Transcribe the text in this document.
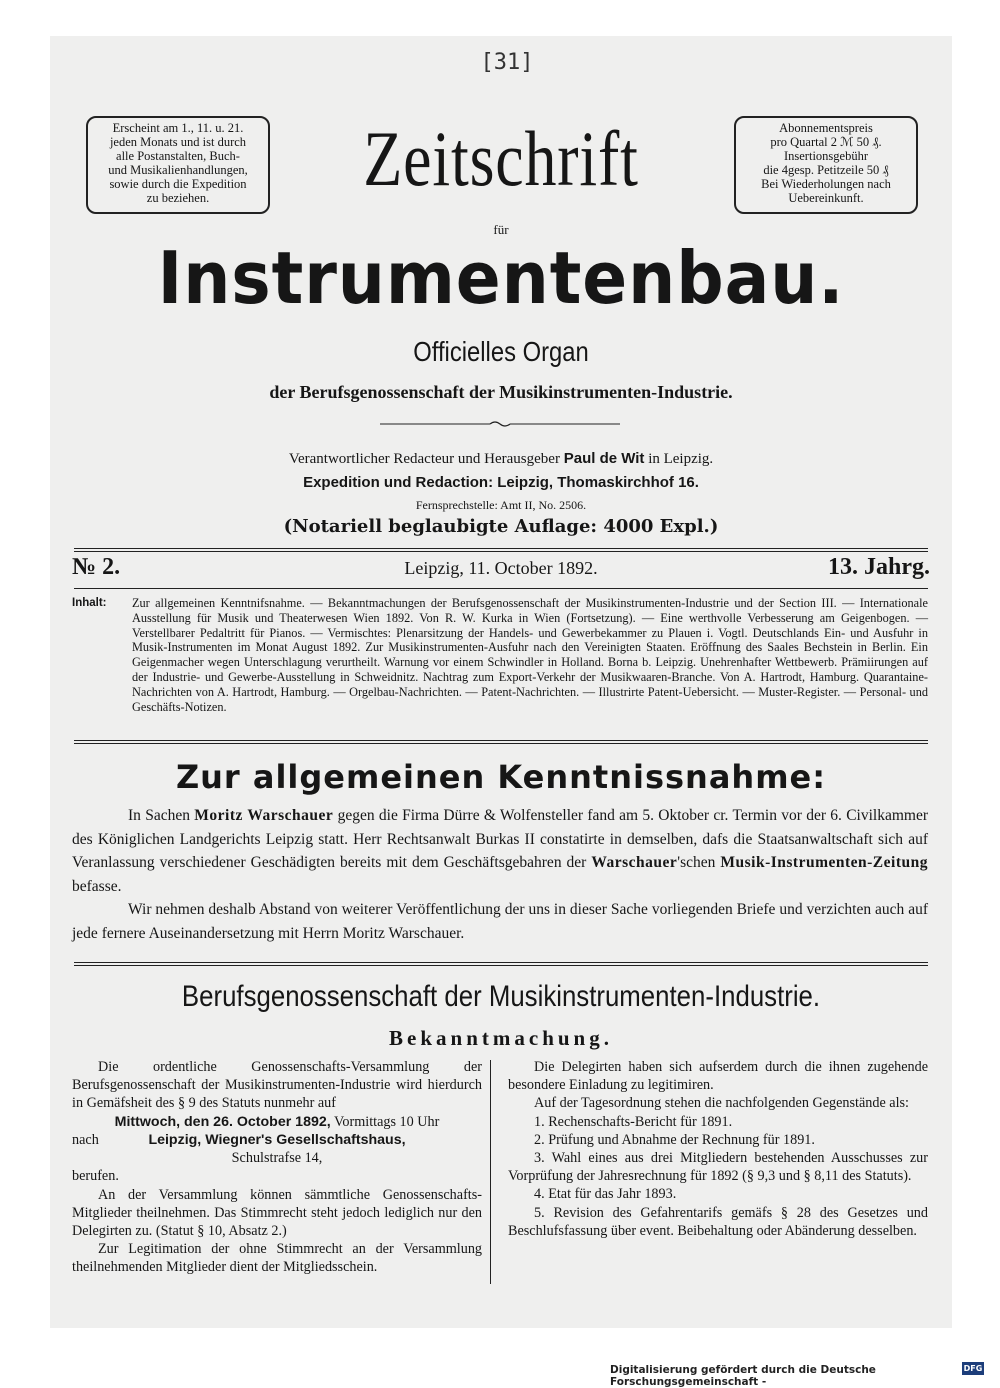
[31]
Erscheint am 1., 11. u. 21.
jeden Monats und ist durch
alle Postanstalten, Buch-
und Musikalienhandlungen,
sowie durch die Expedition
zu beziehen.
Abonnementspreis
pro Quartal 2 ℳ 50 ₰.
Insertionsgebühr
die 4gesp. Petitzeile 50 ₰
Bei Wiederholungen nach
Uebereinkunft.
Zeitschrift
für
Instrumentenbau.
Officielles Organ
der Berufsgenossenschaft der Musikinstrumenten-Industrie.
Verantwortlicher Redacteur und Herausgeber Paul de Wit in Leipzig.
Expedition und Redaction: Leipzig, Thomaskirchhof 16.
Fernsprechstelle: Amt II, No. 2506.
(Notariell beglaubigte Auflage: 4000 Expl.)
№ 2.	Leipzig, 11. October 1892.	13. Jahrg.
Inhalt: Zur allgemeinen Kenntnifsnahme. — Bekanntmachungen der Berufsgenossenschaft der Musikinstrumenten-Industrie und der Section III. — Internationale Ausstellung für Musik und Theaterwesen Wien 1892. Von R. W. Kurka in Wien (Fortsetzung). — Eine werthvolle Verbesserung am Geigenbogen. — Verstellbarer Pedaltritt für Pianos. — Vermischtes: Plenarsitzung der Handels- und Gewerbekammer zu Plauen i. Vogtl. Deutschlands Ein- und Ausfuhr in Musik-Instrumenten im Monat August 1892. Zur Musikinstrumenten-Ausfuhr nach den Vereinigten Staaten. Eröffnung des Saales Bechstein in Berlin. Ein Geigenmacher wegen Unterschlagung verurtheilt. Warnung vor einem Schwindler in Holland. Borna b. Leipzig. Unehrenhafter Wettbewerb. Prämiirungen auf der Industrie- und Gewerbe-Ausstellung in Schweidnitz. Nachtrag zum Export-Verkehr der Musikwaaren-Branche. Von A. Hartrodt, Hamburg. Quarantaine-Nachrichten von A. Hartrodt, Hamburg. — Orgelbau-Nachrichten. — Patent-Nachrichten. — Illustrirte Patent-Uebersicht. — Muster-Register. — Personal- und Geschäfts-Notizen.
Zur allgemeinen Kenntnissnahme:

In Sachen Moritz Warschauer gegen die Firma Dürre & Wolfensteller fand am 5. Oktober cr. Termin vor der 6. Civilkammer des Königlichen Landgerichts Leipzig statt. Herr Rechtsanwalt Burkas II constatirte in demselben, dafs die Staatsanwaltschaft sich auf Veranlassung verschiedener Geschädigten bereits mit dem Geschäftsgebahren der Warschauer'schen Musik-Instrumenten-Zeitung befasse.

Wir nehmen deshalb Abstand von weiterer Veröffentlichung der uns in dieser Sache vorliegenden Briefe und verzichten auch auf jede fernere Auseinandersetzung mit Herrn Moritz Warschauer.

Berufsgenossenschaft der Musikinstrumenten-Industrie.
Bekanntmachung.

Die ordentliche Genossenschafts-Versammlung der Berufsgenossenschaft der Musikinstrumenten-Industrie wird hierdurch in Gemäfsheit des § 9 des Statuts nunmehr auf

Mittwoch, den 26. October 1892, Vormittags 10 Uhr

nach	Leipzig, Wiegner's Gesellschaftshaus,

Schulstrafse 14,

berufen.

An der Versammlung können sämmtliche Genossenschafts-Mitglieder theilnehmen. Das Stimmrecht steht jedoch lediglich nur den Delegirten zu. (Statut § 10, Absatz 2.)

Zur Legitimation der ohne Stimmrecht an der Versammlung theilnehmenden Mitglieder dient der Mitgliedsschein.

Die Delegirten haben sich aufserdem durch die ihnen zugehende besondere Einladung zu legitimiren.

Auf der Tagesordnung stehen die nachfolgenden Gegenstände als:

1. Rechenschafts-Bericht für 1891.

2. Prüfung und Abnahme der Rechnung für 1891.

3. Wahl eines aus drei Mitgliedern bestehenden Ausschusses zur Vorprüfung der Jahresrechnung für 1892 (§ 9,3 und § 8,11 des Statuts).

4. Etat für das Jahr 1893.

5. Revision des Gefahrentarifs gemäfs § 28 des Gesetzes und Beschlufsfassung über event. Beibehaltung oder Abänderung desselben.

Digitalisierung gefördert durch die Deutsche Forschungsgemeinschaft -
DFG
